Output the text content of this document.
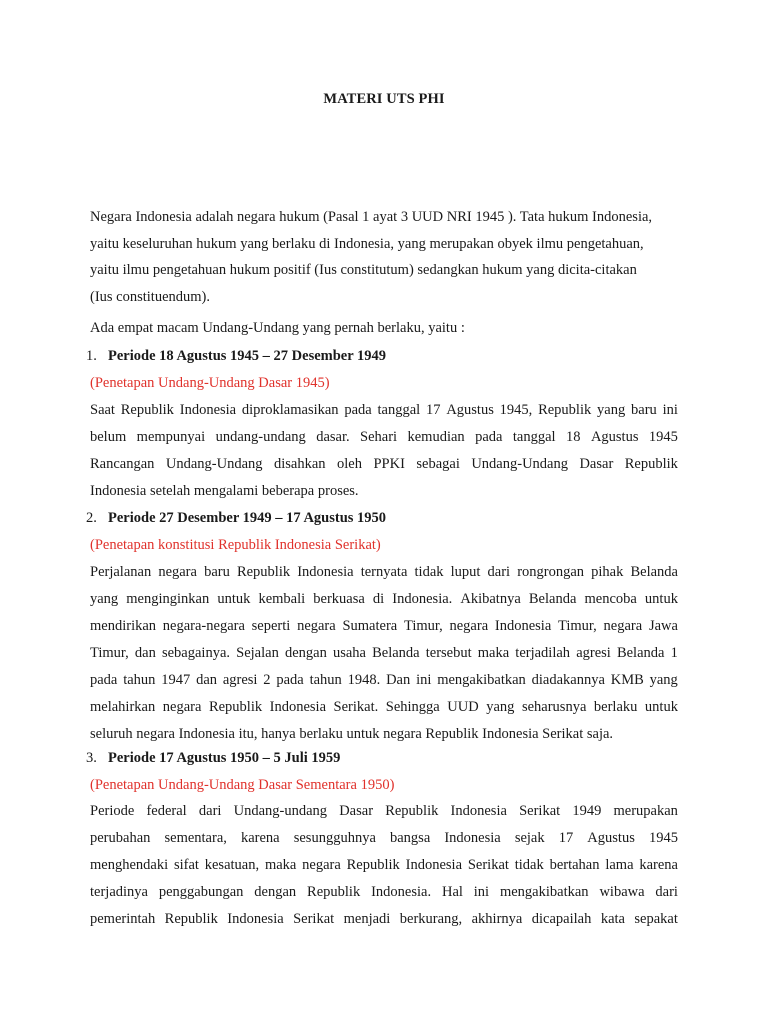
MATERI UTS PHI
Negara Indonesia adalah negara hukum (Pasal 1 ayat 3 UUD NRI 1945 ). Tata hukum Indonesia,
yaitu keseluruhan hukum yang berlaku di Indonesia, yang merupakan obyek ilmu pengetahuan,
yaitu ilmu pengetahuan hukum positif (Ius constitutum) sedangkan hukum yang dicita-citakan
(Ius constituendum).
Ada empat macam Undang-Undang yang pernah berlaku, yaitu :
1. Periode 18 Agustus 1945 – 27 Desember 1949
(Penetapan Undang-Undang Dasar 1945)
Saat Republik Indonesia diproklamasikan pada tanggal 17 Agustus 1945, Republik yang baru ini
belum mempunyai undang-undang dasar. Sehari kemudian pada tanggal 18 Agustus 1945
Rancangan Undang-Undang disahkan oleh PPKI sebagai Undang-Undang Dasar Republik
Indonesia setelah mengalami beberapa proses.
2. Periode 27 Desember 1949 – 17 Agustus 1950
(Penetapan konstitusi Republik Indonesia Serikat)
Perjalanan negara baru Republik Indonesia ternyata tidak luput dari rongrongan pihak Belanda
yang menginginkan untuk kembali berkuasa di Indonesia. Akibatnya Belanda mencoba untuk
mendirikan negara-negara seperti negara Sumatera Timur, negara Indonesia Timur, negara Jawa
Timur, dan sebagainya. Sejalan dengan usaha Belanda tersebut maka terjadilah agresi Belanda 1
pada tahun 1947 dan agresi 2 pada tahun 1948. Dan ini mengakibatkan diadakannya KMB yang
melahirkan negara Republik Indonesia Serikat. Sehingga UUD yang seharusnya berlaku untuk
seluruh negara Indonesia itu, hanya berlaku untuk negara Republik Indonesia Serikat saja.
3. Periode 17 Agustus 1950 – 5 Juli 1959
(Penetapan Undang-Undang Dasar Sementara 1950)
Periode federal dari Undang-undang Dasar Republik Indonesia Serikat 1949 merupakan
perubahan sementara, karena sesungguhnya bangsa Indonesia sejak 17 Agustus 1945
menghendaki sifat kesatuan, maka negara Republik Indonesia Serikat tidak bertahan lama karena
terjadinya penggabungan dengan Republik Indonesia. Hal ini mengakibatkan wibawa dari
pemerintah Republik Indonesia Serikat menjadi berkurang, akhirnya dicapailah kata sepakat
